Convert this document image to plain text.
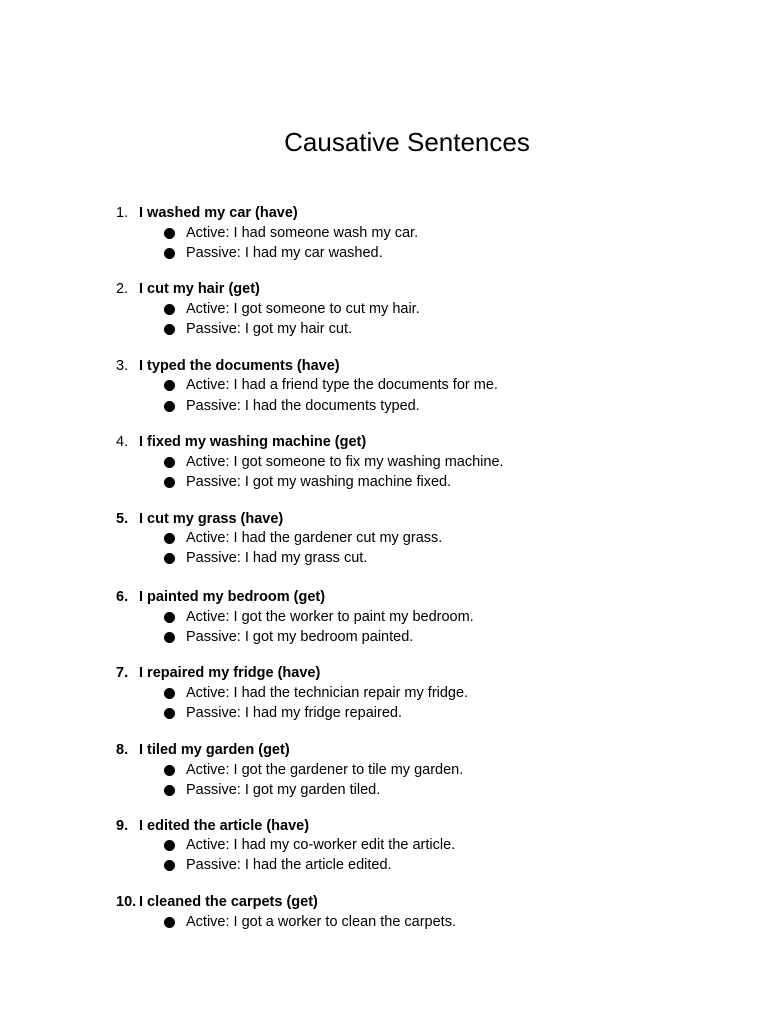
Causative Sentences
1. I washed my car (have)
Active: I had someone wash my car.
Passive: I had my car washed.
2. I cut my hair (get)
Active: I got someone to cut my hair.
Passive: I got my hair cut.
3. I typed the documents (have)
Active: I had a friend type the documents for me.
Passive: I had the documents typed.
4. I fixed my washing machine (get)
Active: I got someone to fix my washing machine.
Passive: I got my washing machine fixed.
5. I cut my grass (have)
Active: I had the gardener cut my grass.
Passive: I had my grass cut.
6. I painted my bedroom (get)
Active: I got the worker to paint my bedroom.
Passive: I got my bedroom painted.
7. I repaired my fridge (have)
Active: I had the technician repair my fridge.
Passive: I had my fridge repaired.
8. I tiled my garden (get)
Active: I got the gardener to tile my garden.
Passive: I got my garden tiled.
9. I edited the article (have)
Active: I had my co-worker edit the article.
Passive: I had the article edited.
10. I cleaned the carpets (get)
Active: I got a worker to clean the carpets.
